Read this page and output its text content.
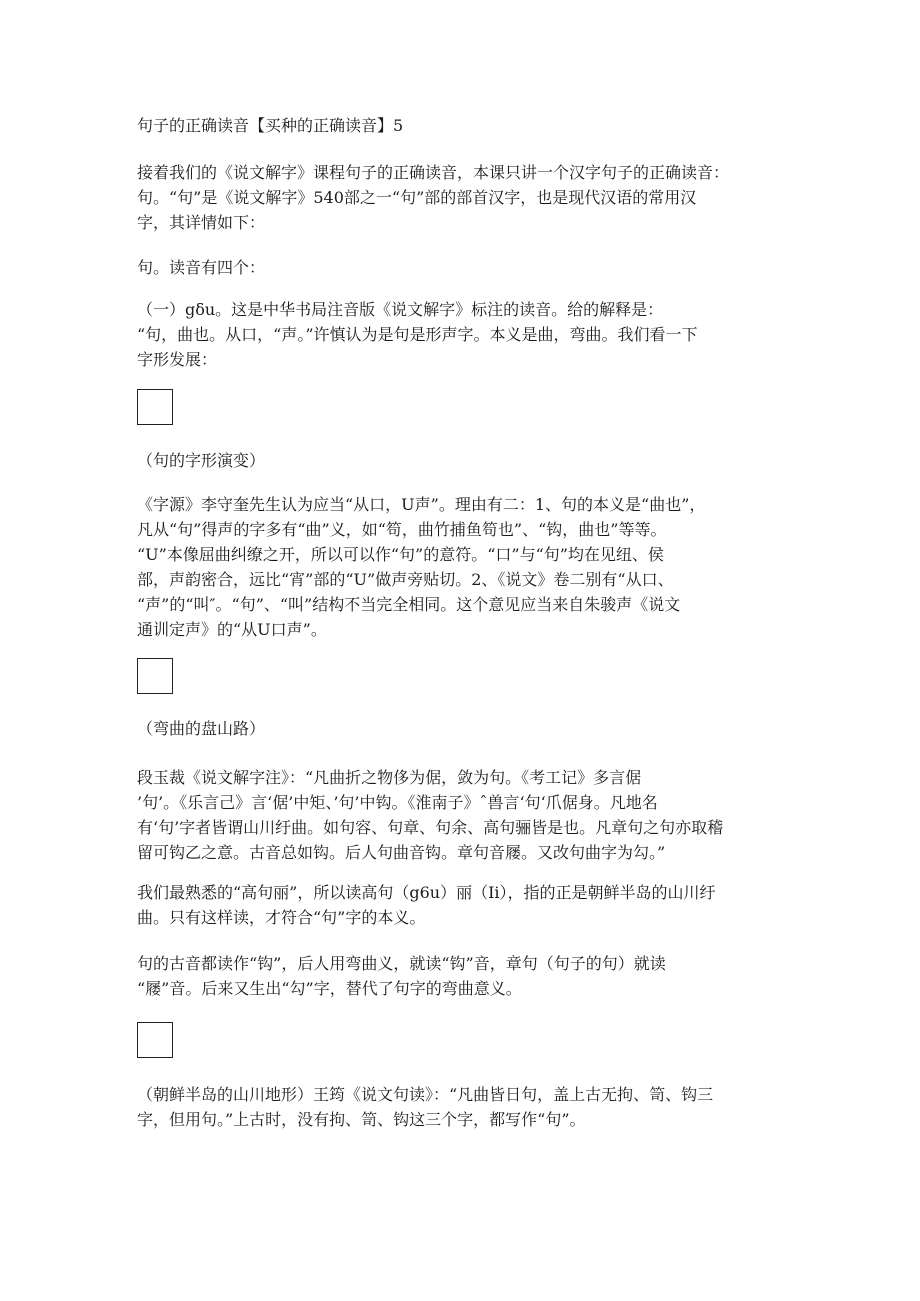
句子的正确读音【买种的正确读音】5

接着我们的《说文解字》课程句子的正确读音，本课只讲一个汉字句子的正确读音：
句。“句”是《说文解字》540部之一“句”部的部首汉字，也是现代汉语的常用汉
字，其详情如下：

句。读音有四个：

（一）gδu。这是中华书局注音版《说文解字》标注的读音。给的解释是：
“句，曲也。从口，“声。”许慎认为是句是形声字。本义是曲，弯曲。我们看一下
字形发展：

（句的字形演变）

《字源》李守奎先生认为应当“从口，U声”。理由有二：1、句的本义是“曲也”，
凡从“句”得声的字多有“曲”义，如“笱，曲竹捕鱼笱也”、“钩，曲也”等等。
“U”本像屈曲纠缭之开，所以可以作“句”的意符。“口”与“句”均在见纽、侯
部，声韵密合，远比“宵”部的“U”做声旁贴切。2、《说文》卷二别有“从口、
“声”的“叫″。“句”、“叫”结构不当完全相同。这个意见应当来自朱骏声《说文
通训定声》的“从U口声”。

（弯曲的盘山路）

段玉裁《说文解字注》：“凡曲折之物侈为倨，敛为句。《考工记》多言倨
’句’。《乐言己》言‘倨’中矩、’句’中钩。《淮南子》ˆ兽言‘句‘爪倨身。凡地名
有‘句’字者皆谓山川纡曲。如句容、句章、句余、高句骊皆是也。凡章句之句亦取稽
留可钩乙之意。古音总如钩。后人句曲音钩。章句音屦。又改句曲字为勾。”

我们最熟悉的“高句丽”，所以读高句（g6u）丽（Ii），指的正是朝鲜半岛的山川纡
曲。只有这样读，才符合“句”字的本义。

句的古音都读作“钩”，后人用弯曲义，就读“钩”音，章句（句子的句）就读
“屦”音。后来又生出“勾”字，替代了句字的弯曲意义。

（朝鲜半岛的山川地形）王筠《说文句读》：“凡曲皆日句，盖上古无拘、笥、钩三
字，但用句。”上古时，没有拘、笥、钩这三个字，都写作“句”。
